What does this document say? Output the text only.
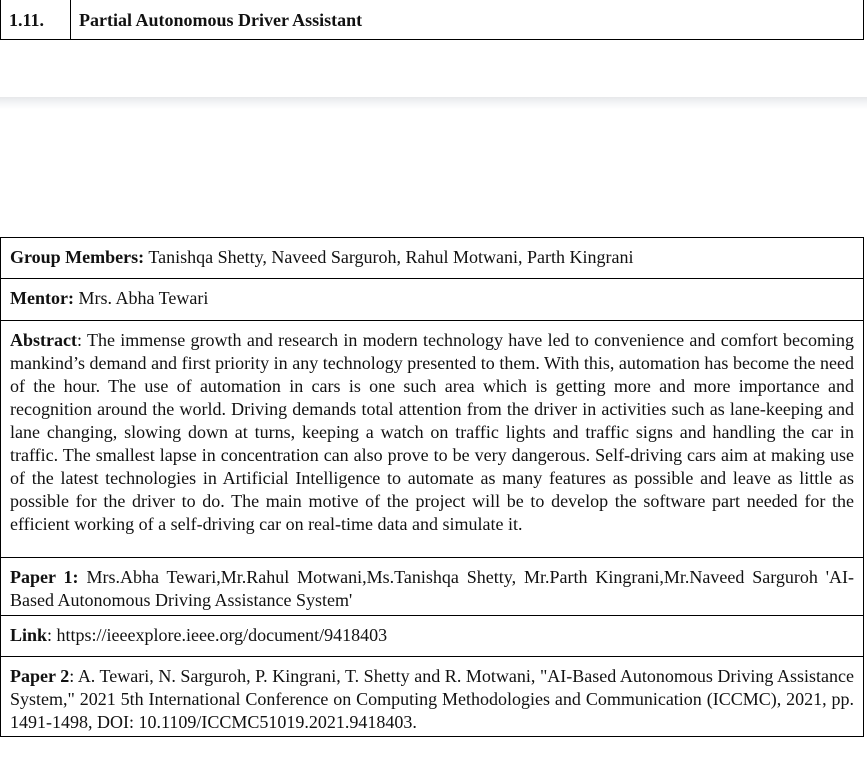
1.11.	Partial Autonomous Driver Assistant
Group Members: Tanishqa Shetty, Naveed Sarguroh, Rahul Motwani, Parth Kingrani
Mentor: Mrs. Abha Tewari
Abstract: The immense growth and research in modern technology have led to convenience and comfort becoming mankind’s demand and first priority in any technology presented to them. With this, automation has become the need of the hour. The use of automation in cars is one such area which is getting more and more importance and recognition around the world. Driving demands total attention from the driver in activities such as lane-keeping and lane changing, slowing down at turns, keeping a watch on traffic lights and traffic signs and handling the car in traffic. The smallest lapse in concentration can also prove to be very dangerous. Self-driving cars aim at making use of the latest technologies in Artificial Intelligence to automate as many features as possible and leave as little as possible for the driver to do. The main motive of the project will be to develop the software part needed for the efficient working of a self-driving car on real-time data and simulate it.
Paper 1: Mrs.Abha Tewari,Mr.Rahul Motwani,Ms.Tanishqa Shetty, Mr.Parth Kingrani,Mr.Naveed Sarguroh 'AI-Based Autonomous Driving Assistance System'
Link: https://ieeexplore.ieee.org/document/9418403
Paper 2: A. Tewari, N. Sarguroh, P. Kingrani, T. Shetty and R. Motwani, "AI-Based Autonomous Driving Assistance System," 2021 5th International Conference on Computing Methodologies and Communication (ICCMC), 2021, pp. 1491-1498, DOI: 10.1109/ICCMC51019.2021.9418403.
